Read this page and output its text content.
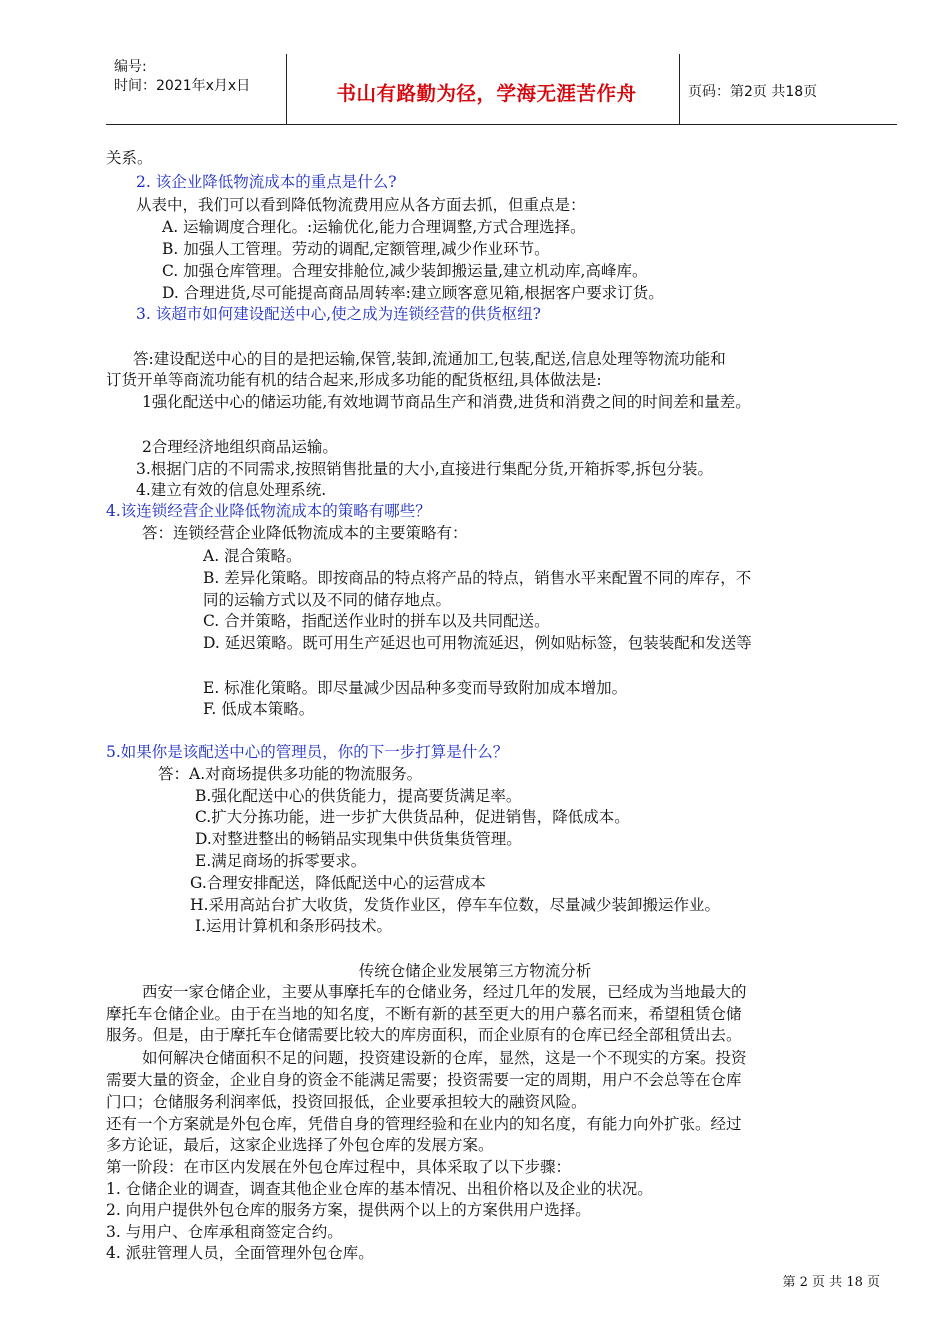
编号:
时间：2021年x月x日	书山有路勤为径，学海无涯苦作舟	页码：第2页 共18页
关系。
2. 该企业降低物流成本的重点是什么?
从表中，我们可以看到降低物流费用应从各方面去抓，但重点是：
A. 运输调度合理化。:运输优化,能力合理调整,方式合理选择。
B. 加强人工管理。劳动的调配,定额管理,减少作业环节。
C. 加强仓库管理。合理安排舱位,减少装卸搬运量,建立机动库,高峰库。
D. 合理进货,尽可能提高商品周转率:建立顾客意见箱,根据客户要求订货。
3. 该超市如何建设配送中心,使之成为连锁经营的供货枢纽?
答:建设配送中心的目的是把运输,保管,装卸,流通加工,包装,配送,信息处理等物流功能和
订货开单等商流功能有机的结合起来,形成多功能的配货枢纽,具体做法是:
1强化配送中心的储运功能,有效地调节商品生产和消费,进货和消费之间的时间差和量差。
2合理经济地组织商品运输。
3.根据门店的不同需求,按照销售批量的大小,直接进行集配分货,开箱拆零,拆包分装。
4.建立有效的信息处理系统.
4.该连锁经营企业降低物流成本的策略有哪些？
答：连锁经营企业降低物流成本的主要策略有：
A. 混合策略。
B. 差异化策略。即按商品的特点将产品的特点，销售水平来配置不同的库存，不
同的运输方式以及不同的储存地点。
C. 合并策略，指配送作业时的拼车以及共同配送。
D. 延迟策略。既可用生产延迟也可用物流延迟，例如贴标签，包装装配和发送等
E. 标准化策略。即尽量减少因品种多变而导致附加成本增加。
F. 低成本策略。
5.如果你是该配送中心的管理员，你的下一步打算是什么？
答：A.对商场提供多功能的物流服务。
B.强化配送中心的供货能力，提高要货满足率。
C.扩大分拣功能，进一步扩大供货品种，促进销售，降低成本。
D.对整进整出的畅销品实现集中供货集货管理。
E.满足商场的拆零要求。
G.合理安排配送，降低配送中心的运营成本
H.采用高站台扩大收货，发货作业区，停车车位数，尽量减少装卸搬运作业。
I.运用计算机和条形码技术。
传统仓储企业发展第三方物流分析
西安一家仓储企业，主要从事摩托车的仓储业务，经过几年的发展，已经成为当地最大的
摩托车仓储企业。由于在当地的知名度，不断有新的甚至更大的用户慕名而来，希望租赁仓储
服务。但是，由于摩托车仓储需要比较大的库房面积，而企业原有的仓库已经全部租赁出去。
如何解决仓储面积不足的问题，投资建设新的仓库，显然，这是一个不现实的方案。投资
需要大量的资金，企业自身的资金不能满足需要；投资需要一定的周期，用户不会总等在仓库
门口；仓储服务利润率低，投资回报低，企业要承担较大的融资风险。
还有一个方案就是外包仓库，凭借自身的管理经验和在业内的知名度，有能力向外扩张。经过
多方论证，最后，这家企业选择了外包仓库的发展方案。
第一阶段：在市区内发展在外包仓库过程中，具体采取了以下步骤：
1. 仓储企业的调查，调查其他企业仓库的基本情况、出租价格以及企业的状况。
2. 向用户提供外包仓库的服务方案，提供两个以上的方案供用户选择。
3. 与用户、仓库承租商签定合约。
4. 派驻管理人员，全面管理外包仓库。
第 2 页 共 18 页
